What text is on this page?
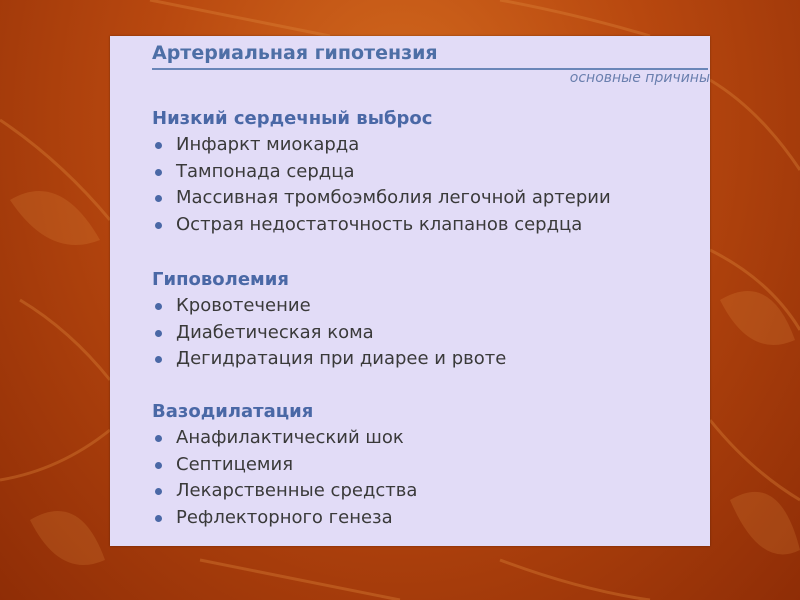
Артериальная гипотензия
основные причины
Низкий сердечный выброс
Инфаркт миокарда
Тампонада сердца
Массивная тромбоэмболия легочной артерии
Острая недостаточность клапанов сердца
Гиповолемия
Кровотечение
Диабетическая кома
Дегидратация при диарее и рвоте
Вазодилатация
Анафилактический шок
Септицемия
Лекарственные средства
Рефлекторного генеза
